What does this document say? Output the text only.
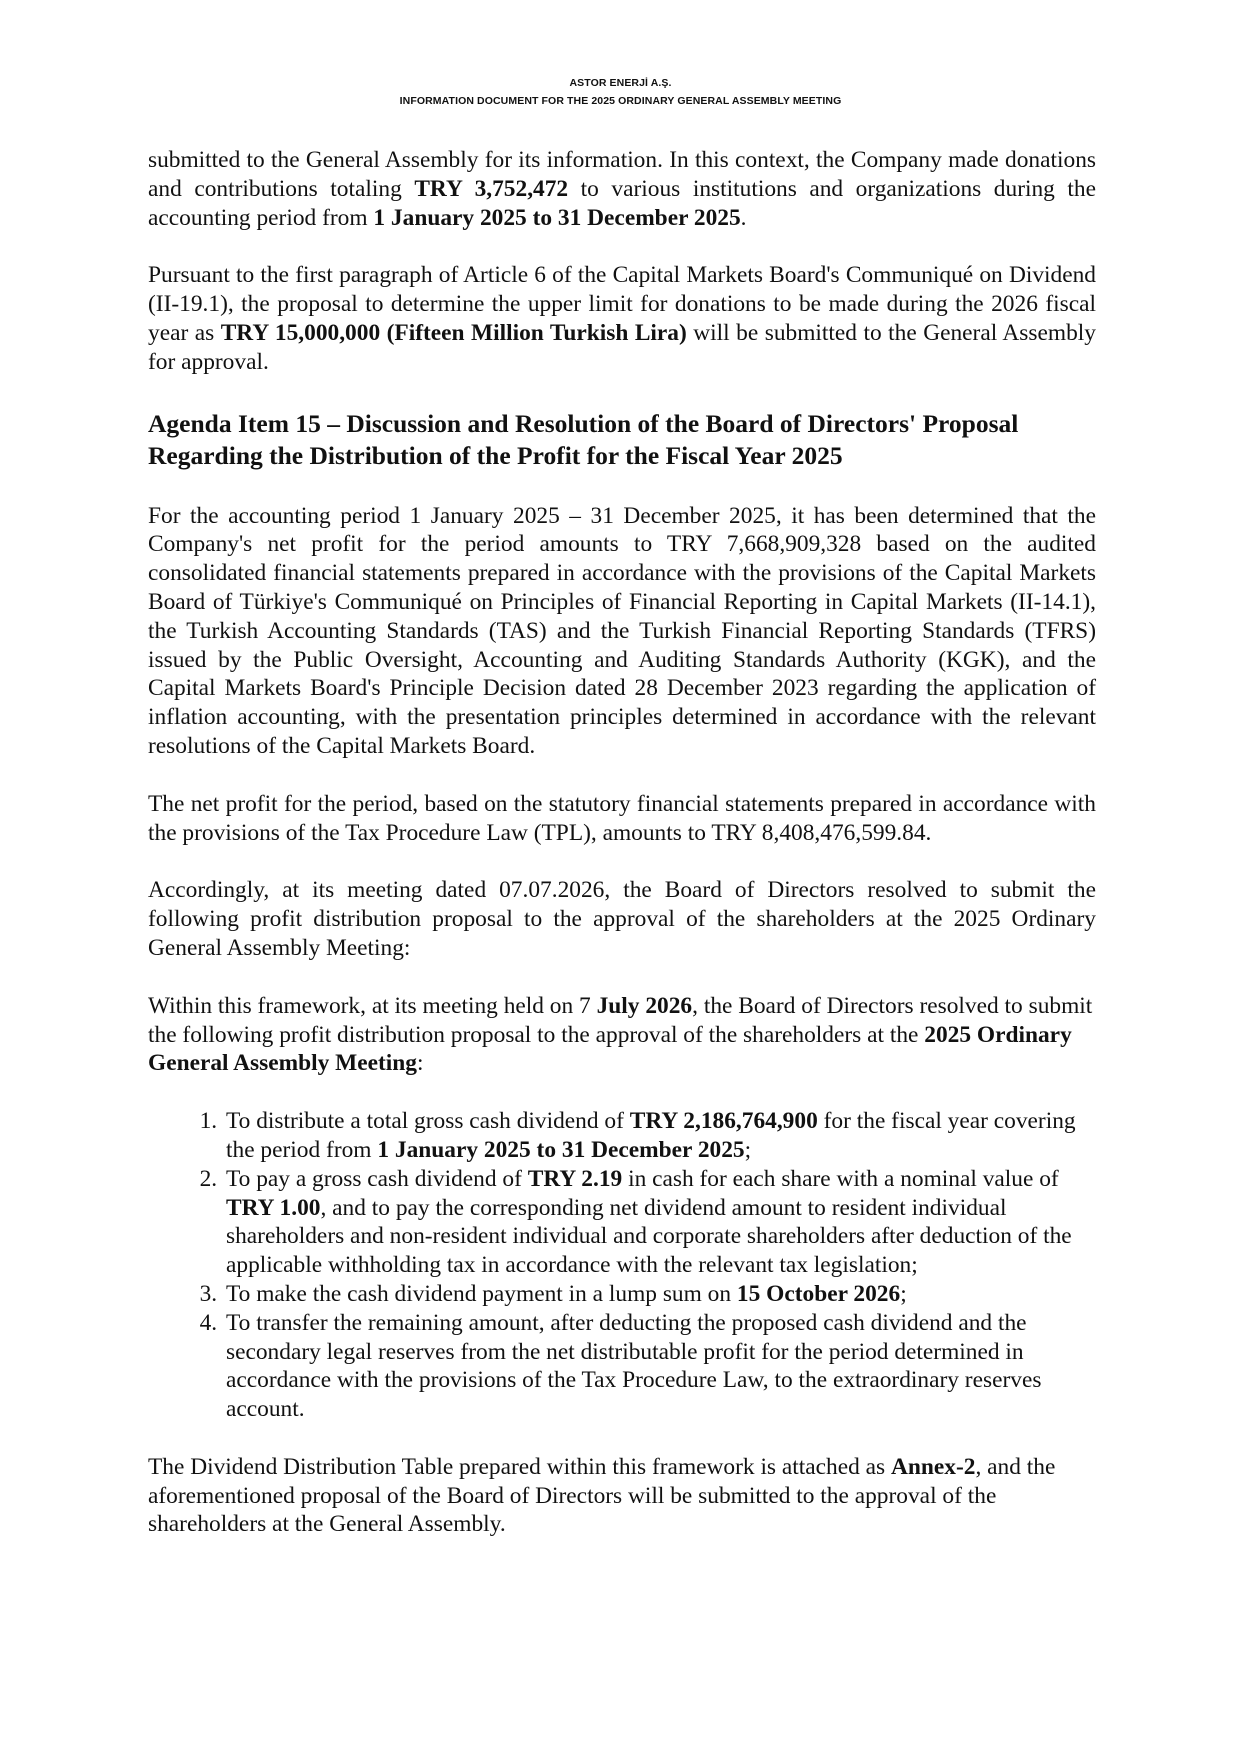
ASTOR ENERJİ A.Ş.
INFORMATION DOCUMENT FOR THE 2025 ORDINARY GENERAL ASSEMBLY MEETING

submitted to the General Assembly for its information. In this context, the Company made donations and contributions totaling TRY 3,752,472 to various institutions and organizations during the accounting period from 1 January 2025 to 31 December 2025.

Pursuant to the first paragraph of Article 6 of the Capital Markets Board's Communiqué on Dividend (II-19.1), the proposal to determine the upper limit for donations to be made during the 2026 fiscal year as TRY 15,000,000 (Fifteen Million Turkish Lira) will be submitted to the General Assembly for approval.

Agenda Item 15 – Discussion and Resolution of the Board of Directors' Proposal Regarding the Distribution of the Profit for the Fiscal Year 2025

For the accounting period 1 January 2025 – 31 December 2025, it has been determined that the Company's net profit for the period amounts to TRY 7,668,909,328 based on the audited consolidated financial statements prepared in accordance with the provisions of the Capital Markets Board of Türkiye's Communiqué on Principles of Financial Reporting in Capital Markets (II-14.1), the Turkish Accounting Standards (TAS) and the Turkish Financial Reporting Standards (TFRS) issued by the Public Oversight, Accounting and Auditing Standards Authority (KGK), and the Capital Markets Board's Principle Decision dated 28 December 2023 regarding the application of inflation accounting, with the presentation principles determined in accordance with the relevant resolutions of the Capital Markets Board.

The net profit for the period, based on the statutory financial statements prepared in accordance with the provisions of the Tax Procedure Law (TPL), amounts to TRY 8,408,476,599.84.

Accordingly, at its meeting dated 07.07.2026, the Board of Directors resolved to submit the following profit distribution proposal to the approval of the shareholders at the 2025 Ordinary General Assembly Meeting:

Within this framework, at its meeting held on 7 July 2026, the Board of Directors resolved to submit the following profit distribution proposal to the approval of the shareholders at the 2025 Ordinary General Assembly Meeting:

1. To distribute a total gross cash dividend of TRY 2,186,764,900 for the fiscal year covering the period from 1 January 2025 to 31 December 2025;
2. To pay a gross cash dividend of TRY 2.19 in cash for each share with a nominal value of TRY 1.00, and to pay the corresponding net dividend amount to resident individual shareholders and non-resident individual and corporate shareholders after deduction of the applicable withholding tax in accordance with the relevant tax legislation;
3. To make the cash dividend payment in a lump sum on 15 October 2026;
4. To transfer the remaining amount, after deducting the proposed cash dividend and the secondary legal reserves from the net distributable profit for the period determined in accordance with the provisions of the Tax Procedure Law, to the extraordinary reserves account.

The Dividend Distribution Table prepared within this framework is attached as Annex-2, and the aforementioned proposal of the Board of Directors will be submitted to the approval of the shareholders at the General Assembly.
